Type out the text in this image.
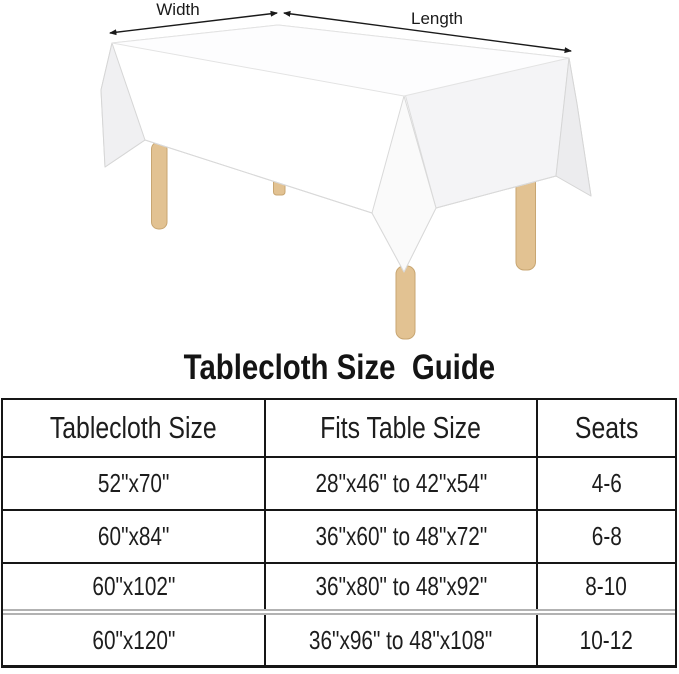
Width	Length
Tablecloth Size  Guide
Tablecloth Size	Fits Table Size	Seats
52"x70"	28"x46" to 42"x54"	4-6
60"x84"	36"x60" to 48"x72"	6-8
60"x102"	36"x80" to 48"x92"	8-10
60"x120"	36"x96" to 48"x108"	10-12
